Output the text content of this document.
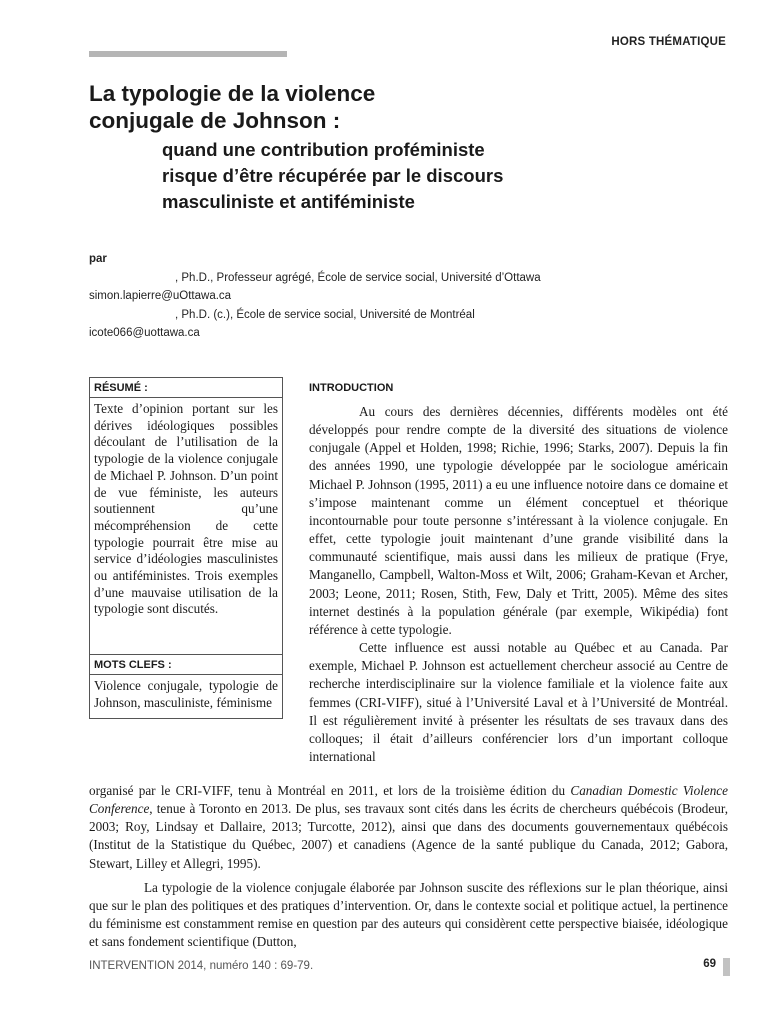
HORS THÉMATIQUE
La typologie de la violence
conjugale de Johnson :
quand une contribution proféministe
risque d’être récupérée par le discours
masculiniste et antiféministe
par
, Ph.D., Professeur agrégé, École de service social, Université d’Ottawa
simon.lapierre@uOttawa.ca
, Ph.D. (c.), École de service social, Université de Montréal
icote066@uottawa.ca
RÉSUMÉ :
Texte d’opinion portant sur les dérives idéologiques possibles découlant de l’utilisation de la typologie de la violence conjugale de Michael P. Johnson. D’un point de vue féministe, les auteurs soutiennent qu’une mécompréhension de cette typologie pourrait être mise au service d’idéologies masculinistes ou antiféministes. Trois exemples d’une mauvaise utilisation de la typologie sont discutés.
MOTS CLEFS :
Violence conjugale, typologie de Johnson, masculiniste, féminisme
INTRODUCTION

Au cours des dernières décennies, différents modèles ont été développés pour rendre compte de la diversité des situations de violence conjugale (Appel et Holden, 1998; Richie, 1996; Starks, 2007). Depuis la fin des années 1990, une typologie développée par le sociologue américain Michael P. Johnson (1995, 2011) a eu une influence notoire dans ce domaine et s’impose maintenant comme un élément conceptuel et théorique incontournable pour toute personne s’intéressant à la violence conjugale. En effet, cette typologie jouit maintenant d’une grande visibilité dans la communauté scientifique, mais aussi dans les milieux de pratique (Frye, Manganello, Campbell, Walton-Moss et Wilt, 2006; Graham-Kevan et Archer, 2003; Leone, 2011; Rosen, Stith, Few, Daly et Tritt, 2005). Même des sites internet destinés à la population générale (par exemple, Wikipédia) font référence à cette typologie.

Cette influence est aussi notable au Québec et au Canada. Par exemple, Michael P. Johnson est actuellement chercheur associé au Centre de recherche interdisciplinaire sur la violence familiale et la violence faite aux femmes (CRI-VIFF), situé à l’Université Laval et à l’Université de Montréal. Il est régulièrement invité à présenter les résultats de ses travaux dans des colloques; il était d’ailleurs conférencier lors d’un important colloque international

organisé par le CRI-VIFF, tenu à Montréal en 2011, et lors de la troisième édition du Canadian Domestic Violence Conference, tenue à Toronto en 2013. De plus, ses travaux sont cités dans les écrits de chercheurs québécois (Brodeur, 2003; Roy, Lindsay et Dallaire, 2013; Turcotte, 2012), ainsi que dans des documents gouvernementaux québécois (Institut de la Statistique du Québec, 2007) et canadiens (Agence de la santé publique du Canada, 2012; Gabora, Stewart, Lilley et Allegri, 1995).

La typologie de la violence conjugale élaborée par Johnson suscite des réflexions sur le plan théorique, ainsi que sur le plan des politiques et des pratiques d’intervention. Or, dans le contexte social et politique actuel, la pertinence du féminisme est constamment remise en question par des auteurs qui considèrent cette perspective biaisée, idéologique et sans fondement scientifique (Dutton,

INTERVENTION 2014, numéro 140 : 69-79.	69
